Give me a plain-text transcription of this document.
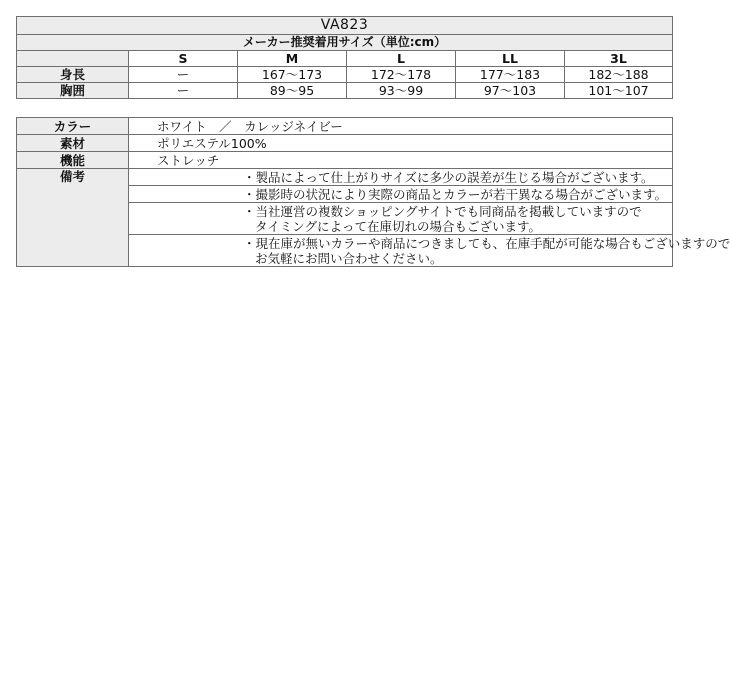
VA823					
メーカー推奨着用サイズ（単位:cm）					
	S	M	L	LL	3L
身長	ー	167〜173	172〜178	177〜183	182〜188
胸囲	ー	89〜95	93〜99	97〜103	101〜107
カラー	ホワイト　／　カレッジネイビー
素材	ポリエステル100%
機能	ストレッチ
備考	・製品によって仕上がりサイズに多少の誤差が生じる場合がございます。

	・撮影時の状況により実際の商品とカラーが若干異なる場合がございます。

	・当社運営の複数ショッピングサイトでも同商品を掲載していますので
タイミングによって在庫切れの場合もございます。

	・現在庫が無いカラーや商品につきましても、在庫手配が可能な場合もございますので
お気軽にお問い合わせください。
